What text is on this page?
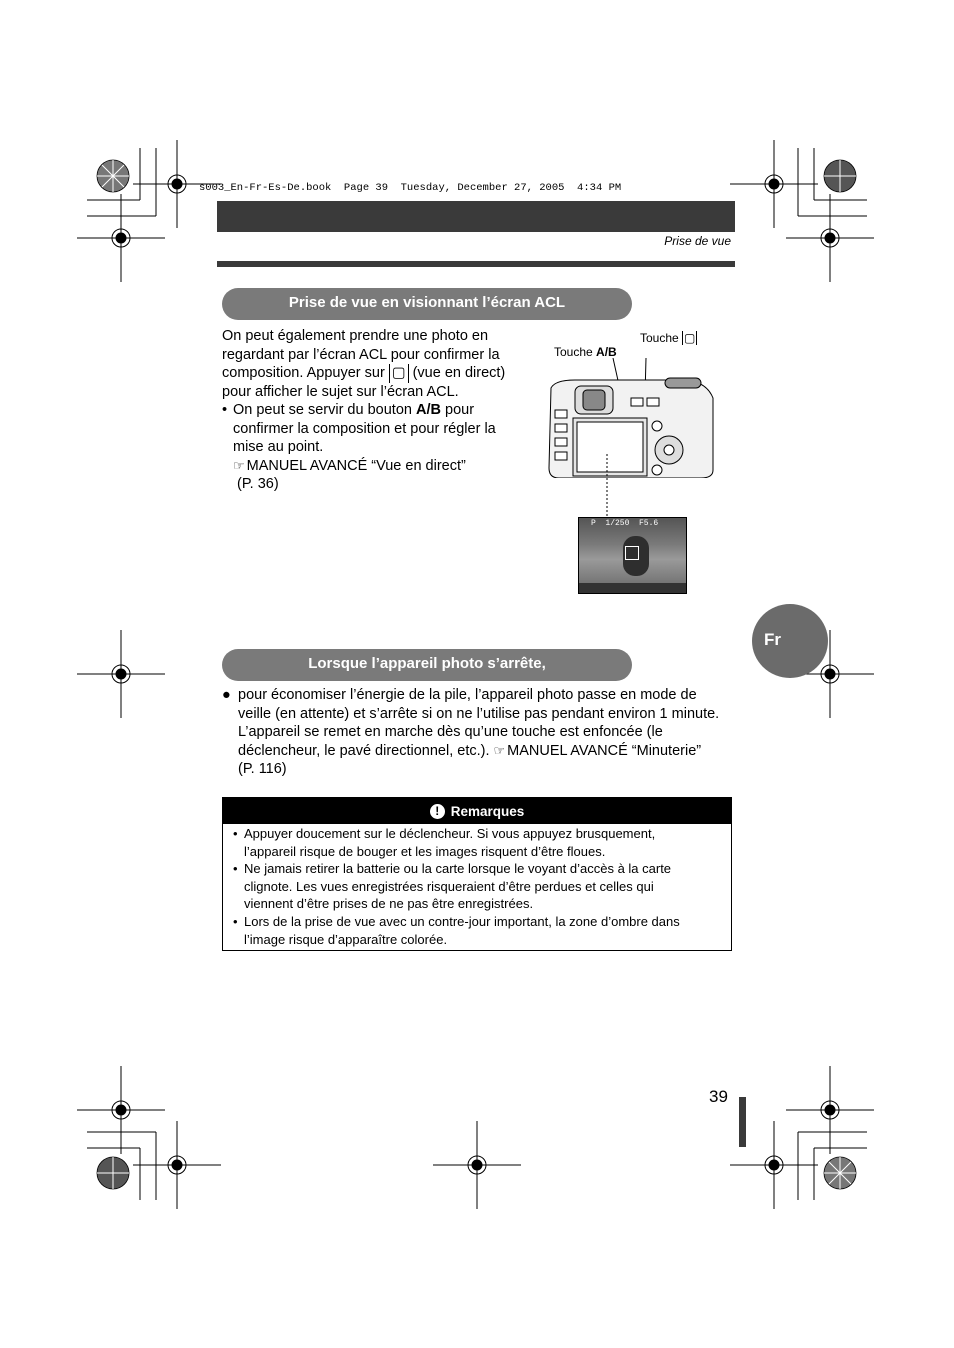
s003_En-Fr-Es-De.book  Page 39  Tuesday, December 27, 2005  4:34 PM
Prise de vue
Prise de vue en visionnant l’écran ACL

On peut également prendre une photo en

regardant par l’écran ACL pour confirmer la

composition. Appuyer sur ▢ (vue en direct)

pour afficher le sujet sur l’écran ACL.

• On peut se servir du bouton A/B pour
confirmer la composition et pour régler la
mise au point.
☞ MANUEL AVANCÉ “Vue en direct”
(P. 36)
Touche A/B
Touche ▢
P  1/250  F5.6
Fr
Lorsque l’appareil photo s’arrête,
● pour économiser l’énergie de la pile, l’appareil photo passe en mode de
veille (en attente) et s’arrête si on ne l’utilise pas pendant environ 1 minute.
L’appareil se remet en marche dès qu’une touche est enfoncée (le
déclencheur, le pavé directionnel, etc.). ☞ MANUEL AVANCÉ “Minuterie”
(P. 116)
! Remarques
• Appuyer doucement sur le déclencheur. Si vous appuyez brusquement,
l’appareil risque de bouger et les images risquent d’être floues.
• Ne jamais retirer la batterie ou la carte lorsque le voyant d’accès à la carte
clignote. Les vues enregistrées risqueraient d’être perdues et celles qui
viennent d’être prises de ne pas être enregistrées.
• Lors de la prise de vue avec un contre-jour important, la zone d’ombre dans
l’image risque d’apparaître colorée.
39
